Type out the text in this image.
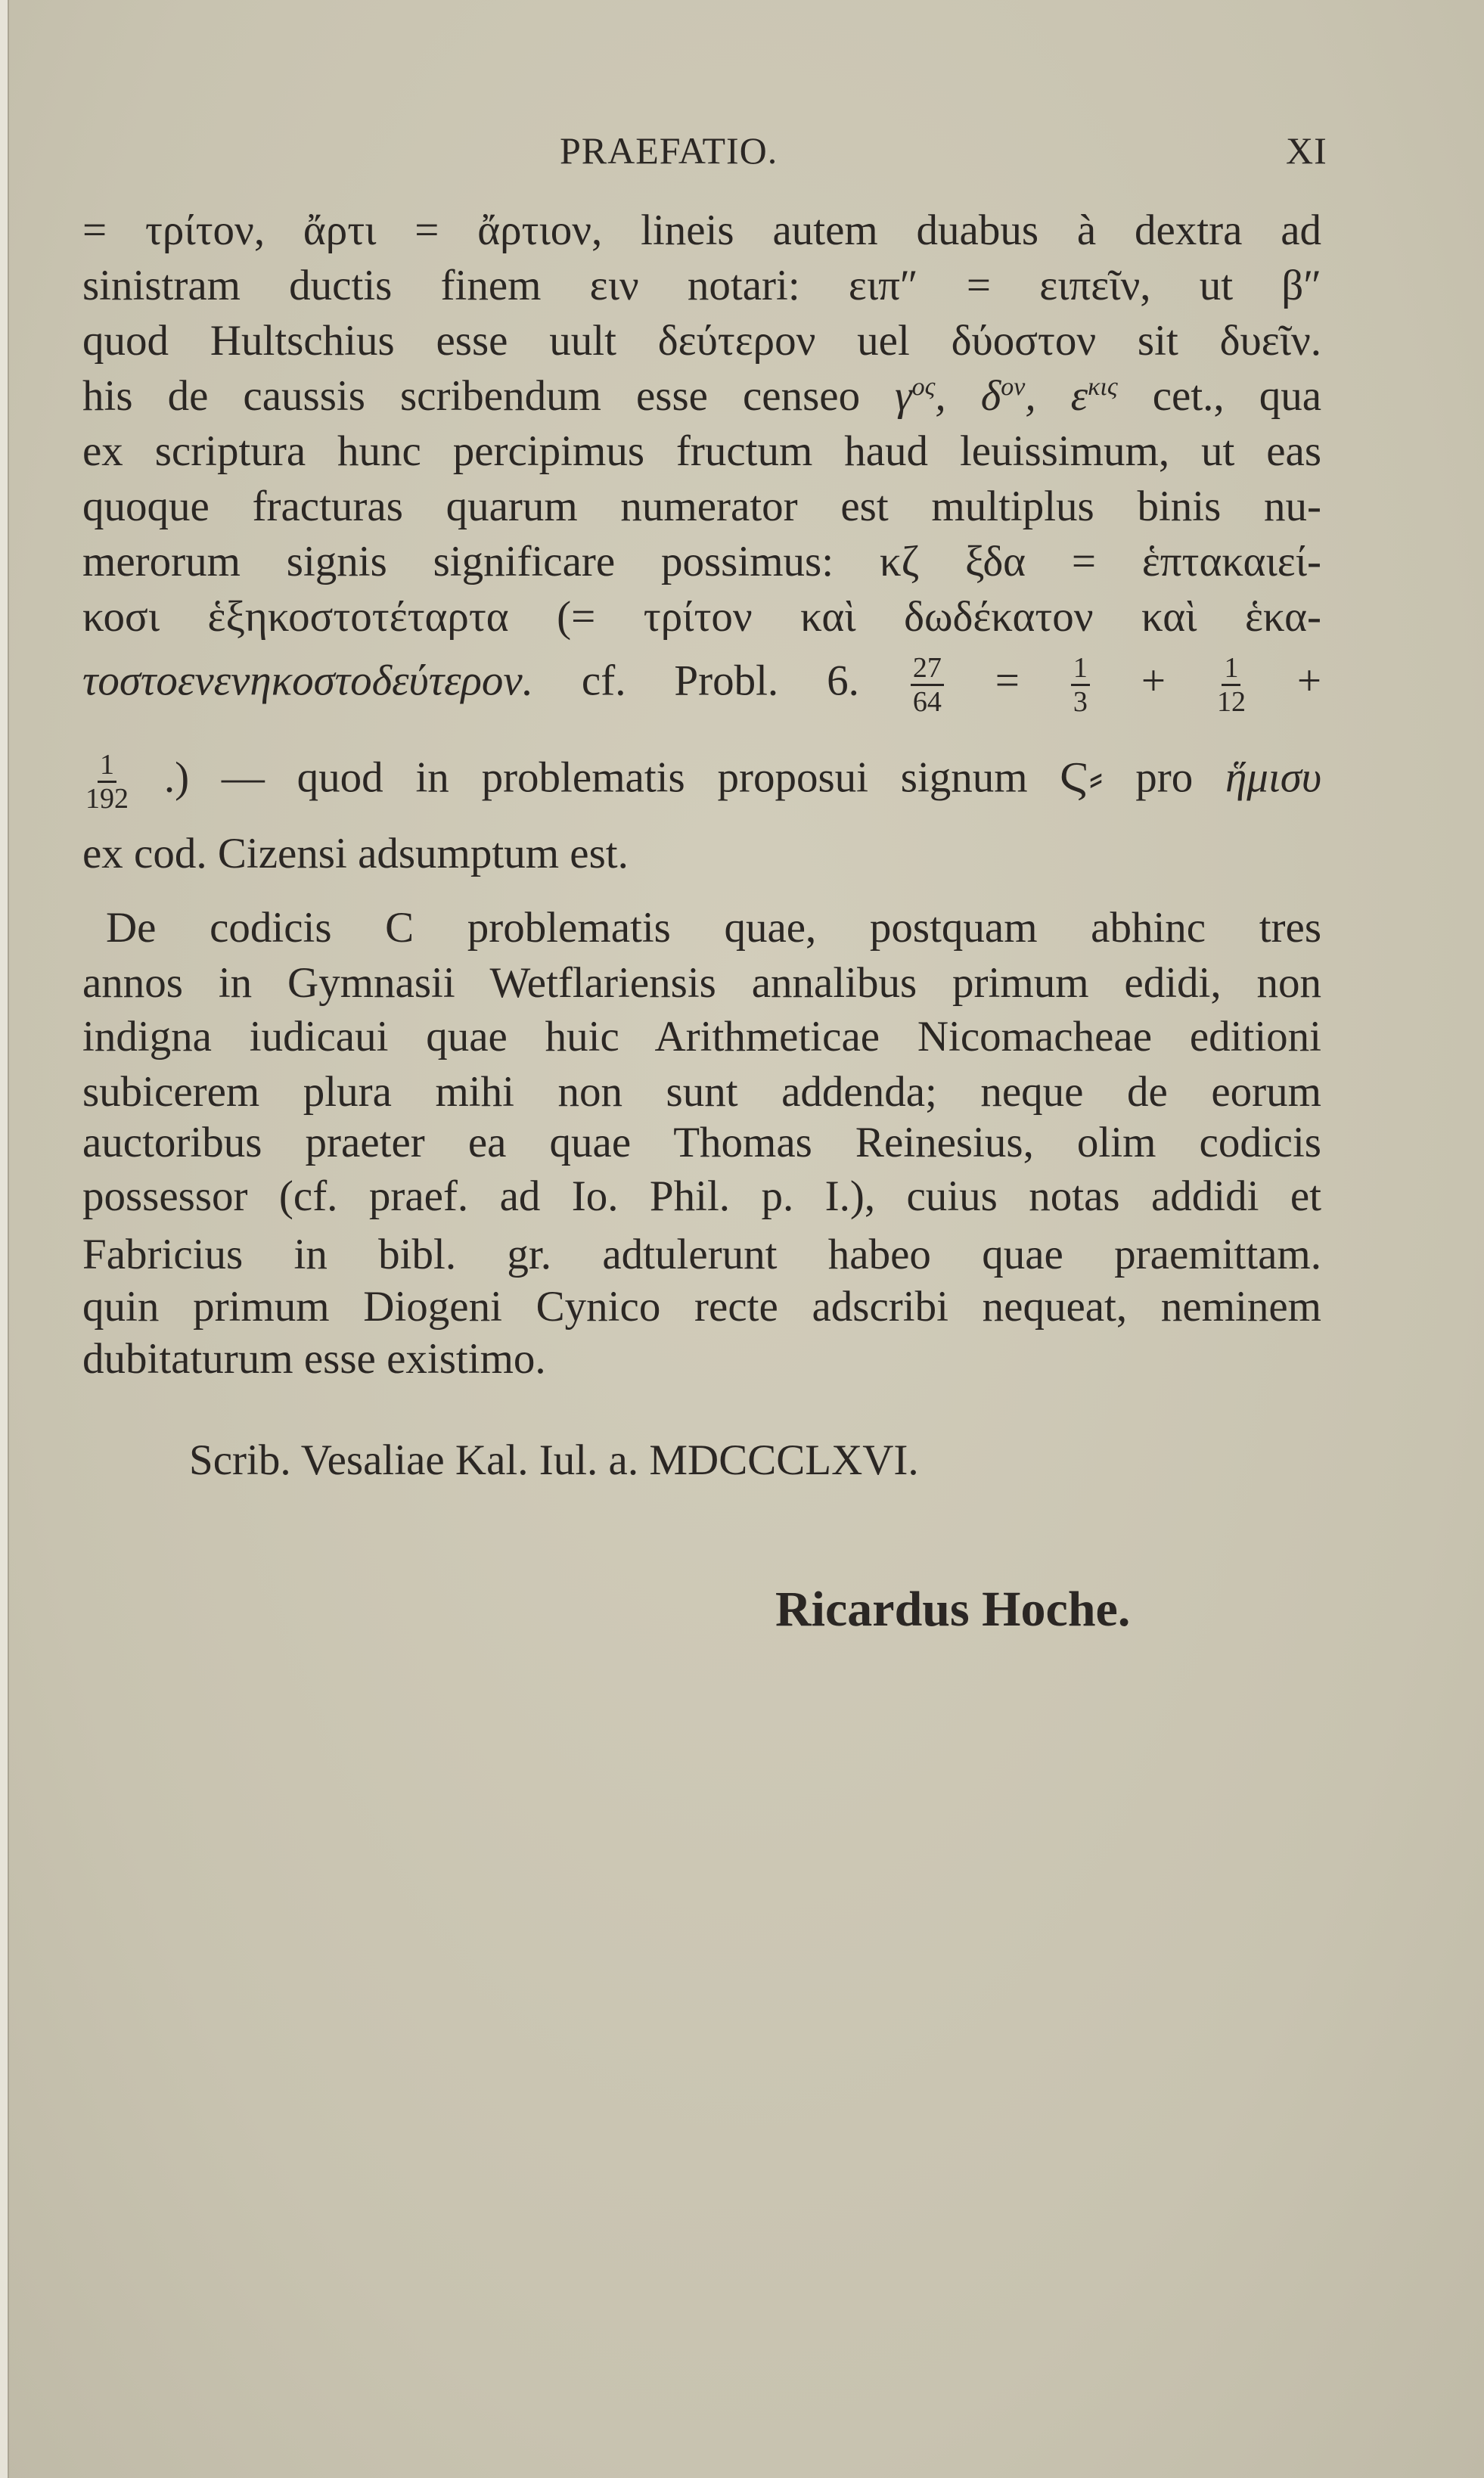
PRAEFATIO.	XI
= τρίτον, ἄρτι = ἄρτιον, lineis autem duabus à dextra ad
sinistram ductis finem ειν notari: ειπ″ = ειπεῖν, ut β″
quod Hultschius esse uult δεύτερον uel δύοστον sit δυεῖν.
his de caussis scribendum esse censeo $\gamma^{o\varsigma}$, $\delta^{o\nu}$, $\varepsilon^{\kappa\iota\varsigma}$ cet., qua
ex scriptura hunc percipimus fructum haud leuissimum, ut eas
quoque fracturas quarum numerator est multiplus binis nu-
merorum signis significare possimus: κζ ξδα = ἑπτακαιεί-
κοσι ἑξηκοστοτέταρτα (= τρίτον καὶ δωδέκατον καὶ ἑκα-
τοστοενενηκοστοδεύτερον. cf. Probl. 6. $\frac{27}{64} = \frac{1}{3} + \frac{1}{12}$ +
$\frac{1}{192}$ .) — quod in problematis proposui signum Ϛ⸗ pro ἥμισυ
ex cod. Cizensi adsumptum est.
De codicis C problematis quae, postquam abhinc tres
annos in Gymnasii Wetflariensis annalibus primum edidi, non
indigna iudicaui quae huic Arithmeticae Nicomacheae editioni
subicerem plura mihi non sunt addenda; neque de eorum
auctoribus praeter ea quae Thomas Reinesius, olim codicis
possessor (cf. praef. ad Io. Phil. p. I.), cuius notas addidi et
Fabricius in bibl. gr. adtulerunt habeo quae praemittam.
quin primum Diogeni Cynico recte adscribi nequeat, neminem
dubitaturum esse existimo.
Scrib. Vesaliae Kal. Iul. a. MDCCCLXVI.
Ricardus Hoche.
